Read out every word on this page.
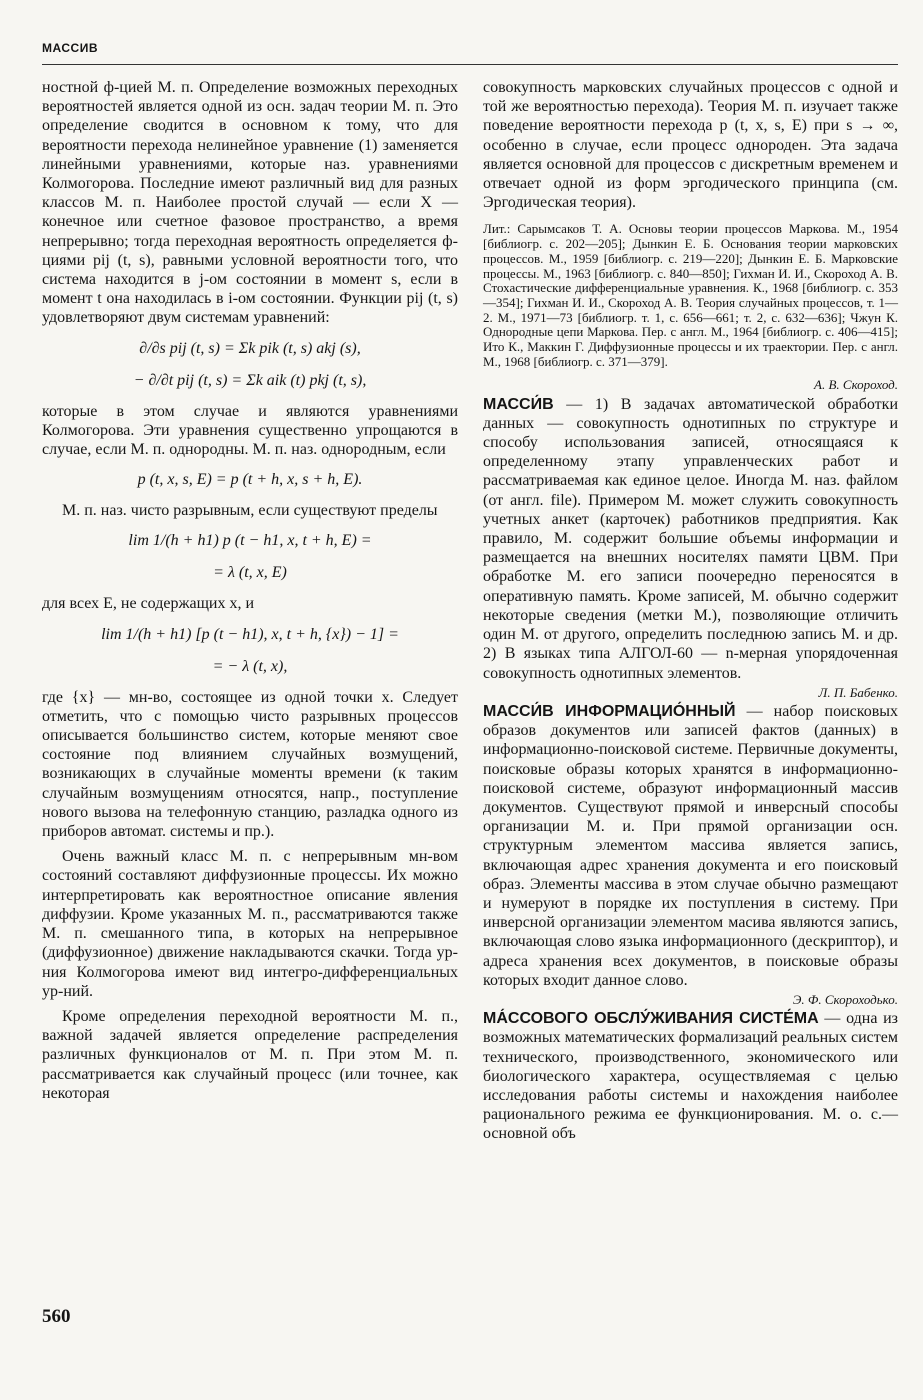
МАССИВ

ностной ф-цией М. п. Определение возможных переходных вероятностей является одной из осн. задач теории М. п. Это определение сводится в основном к тому, что для вероятности перехода нелинейное уравнение (1) заменяется линейными уравнениями, которые наз. уравнениями Колмогорова. Последние имеют различный вид для разных классов М. п. Наиболее простой случай — если X — конечное или счетное фазовое пространство, а время непрерывно; тогда переходная вероятность определяется ф-циями pij (t, s), равными условной вероятности того, что система находится в j-ом состоянии в момент s, если в момент t она находилась в i-ом состоянии. Функции pij (t, s) удовлетворяют двум системам уравнений:

∂/∂s pij (t, s) = Σk pik (t, s) akj (s),
− ∂/∂t pij (t, s) = Σk aik (t) pkj (t, s),

которые в этом случае и являются уравнениями Колмогорова. Эти уравнения существенно упрощаются в случае, если М. п. однородны. М. п. наз. однородным, если

p (t, x, s, E) = p (t + h, x, s + h, E).

М. п. наз. чисто разрывным, если существуют пределы

lim 1/(h + h1) p (t − h1, x, t + h, E) =
= λ (t, x, E)

для всех E, не содержащих x, и

lim 1/(h + h1) [p (t − h1), x, t + h, {x}) − 1] =
= − λ (t, x),

где {x} — мн-во, состоящее из одной точки x. Следует отметить, что с помощью чисто разрывных процессов описывается большинство систем, которые меняют свое состояние под влиянием случайных возмущений, возникающих в случайные моменты времени (к таким случайным возмущениям относятся, напр., поступление нового вызова на телефонную станцию, разладка одного из приборов автомат. системы и пр.).

Очень важный класс М. п. с непрерывным мн-вом состояний составляют диффузионные процессы. Их можно интерпретировать как вероятностное описание явления диффузии. Кроме указанных М. п., рассматриваются также М. п. смешанного типа, в которых на непрерывное (диффузионное) движение накладываются скачки. Тогда ур-ния Колмогорова имеют вид интегро-дифференциальных ур-ний.

Кроме определения переходной вероятности М. п., важной задачей является определение распределения различных функционалов от М. п. При этом М. п. рассматривается как случайный процесс (или точнее, как некоторая

совокупность марковских случайных процессов с одной и той же вероятностью перехода). Теория М. п. изучает также поведение вероятности перехода p (t, x, s, E) при s → ∞, особенно в случае, если процесс однороден. Эта задача является основной для процессов с дискретным временем и отвечает одной из форм эргодического принципа (см. Эргодическая теория).

Лит.: Сарымсаков Т. А. Основы теории процессов Маркова. М., 1954 [библиогр. с. 202—205]; Дынкин Е. Б. Основания теории марковских процессов. М., 1959 [библиогр. с. 219—220]; Дынкин Е. Б. Марковские процессы. М., 1963 [библиогр. с. 840—850]; Гихман И. И., Скороход А. В. Стохастические дифференциальные уравнения. К., 1968 [библиогр. с. 353—354]; Гихман И. И., Скороход А. В. Теория случайных процессов, т. 1—2. М., 1971—73 [библиогр. т. 1, с. 656—661; т. 2, с. 632—636]; Чжун К. Однородные цепи Маркова. Пер. с англ. М., 1964 [библиогр. с. 406—415]; Ито К., Маккин Г. Диффузионные процессы и их траектории. Пер. с англ. М., 1968 [библиогр. с. 371—379].

А. В. Скороход.

МАССИ́В — 1) В задачах автоматической обработки данных — совокупность однотипных по структуре и способу использования записей, относящаяся к определенному этапу управленческих работ и рассматриваемая как единое целое. Иногда М. наз. файлом (от англ. file). Примером М. может служить совокупность учетных анкет (карточек) работников предприятия. Как правило, М. содержит большие объемы информации и размещается на внешних носителях памяти ЦВМ. При обработке М. его записи поочередно переносятся в оперативную память. Кроме записей, М. обычно содержит некоторые сведения (метки М.), позволяющие отличить один М. от другого, определить последнюю запись М. и др. 2) В языках типа АЛГОЛ-60 — n-мерная упорядоченная совокупность однотипных элементов.

Л. П. Бабенко.

МАССИ́В ИНФОРМАЦИО́ННЫЙ — набор поисковых образов документов или записей фактов (данных) в информационно-поисковой системе. Первичные документы, поисковые образы которых хранятся в информационно-поисковой системе, образуют информационный массив документов. Существуют прямой и инверсный способы организации М. и. При прямой организации осн. структурным элементом массива является запись, включающая адрес хранения документа и его поисковый образ. Элементы массива в этом случае обычно размещают и нумеруют в порядке их поступления в систему. При инверсной организации элементом масива являются запись, включающая слово языка информационного (дескриптор), и адреса хранения всех документов, в поисковые образы которых входит данное слово.

Э. Ф. Скороходько.

МА́ССОВОГО ОБСЛУ́ЖИВАНИЯ СИСТЕ́МА — одна из возможных математических формализаций реальных систем технического, производственного, экономического или биологического характера, осуществляемая с целью исследования работы системы и нахождения наиболее рационального режима ее функционирования. М. о. с.— основной объ

560
